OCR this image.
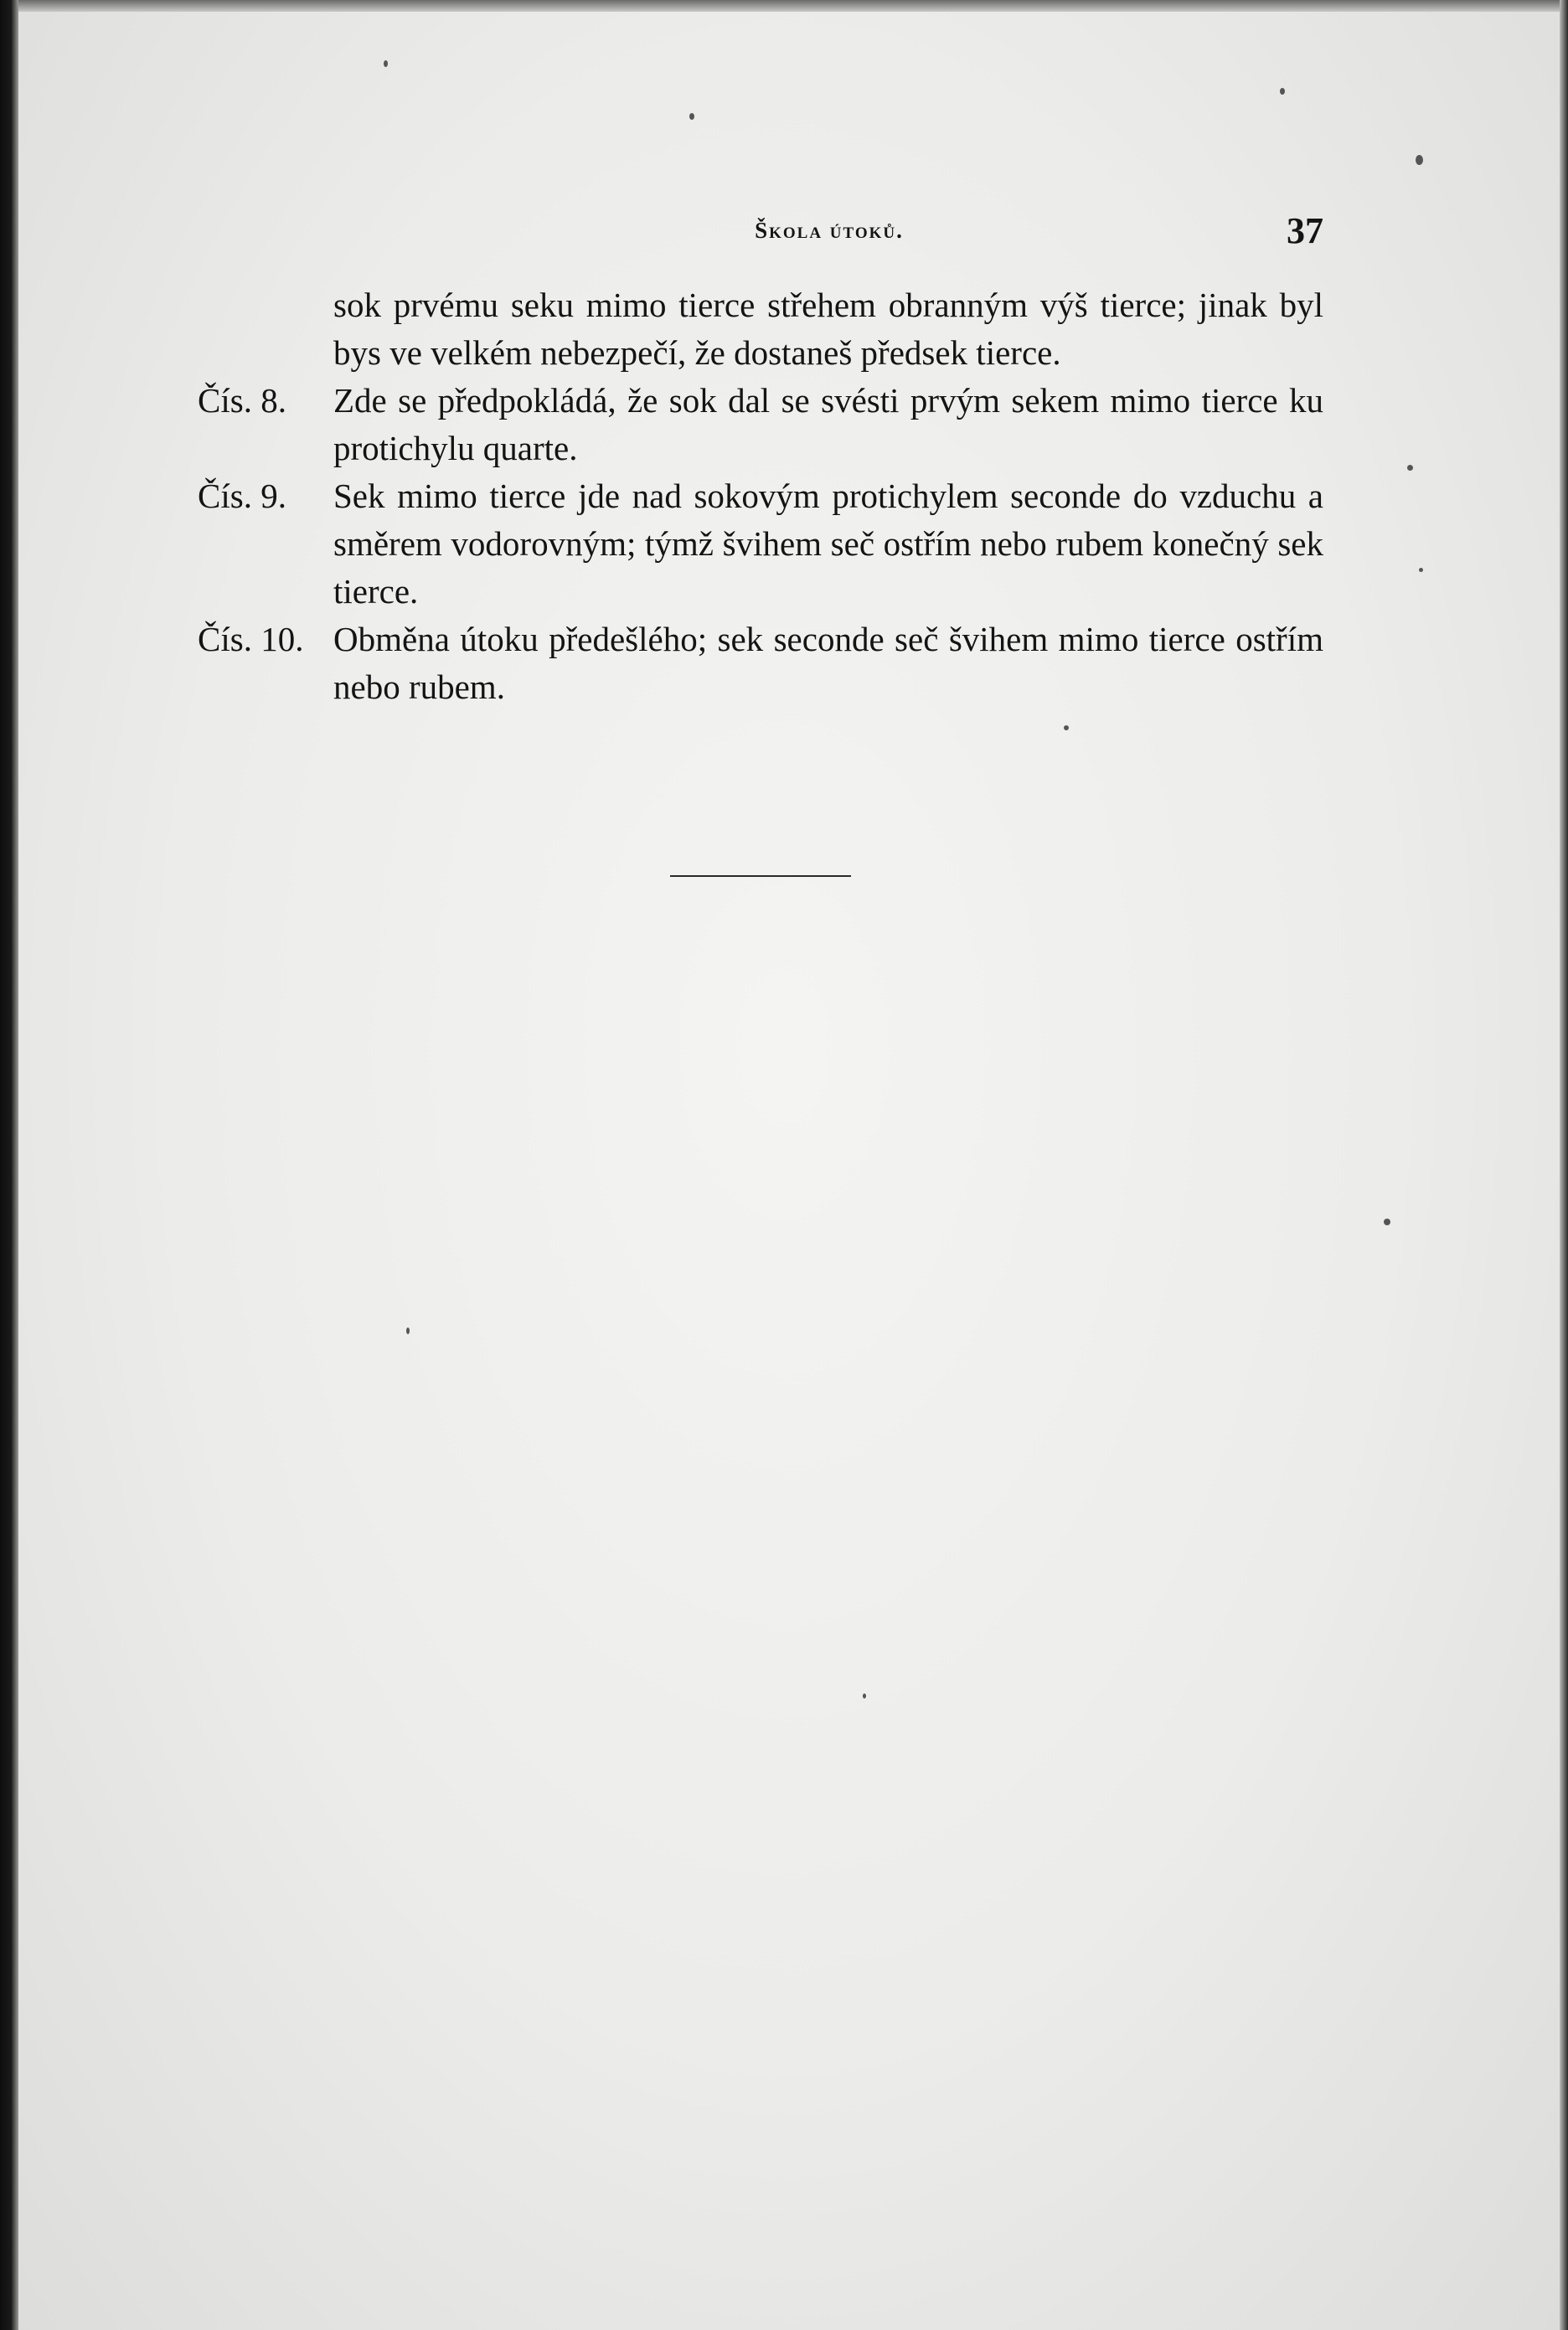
Škola útoků.	37
sok prvému seku mimo tierce střehem obranným výš tierce; jinak byl bys ve velkém nebezpečí, že dostaneš předsek tierce.
Čís. 8.	Zde se předpokládá, že sok dal se svésti prvým sekem mimo tierce ku protichylu quarte.
Čís. 9.	Sek mimo tierce jde nad sokovým protichylem seconde do vzduchu a směrem vodorovným; týmž švihem seč ostřím nebo rubem konečný sek tierce.
Čís. 10. Obměna útoku předešlého; sek seconde seč švihem mimo tierce ostřím nebo rubem.
